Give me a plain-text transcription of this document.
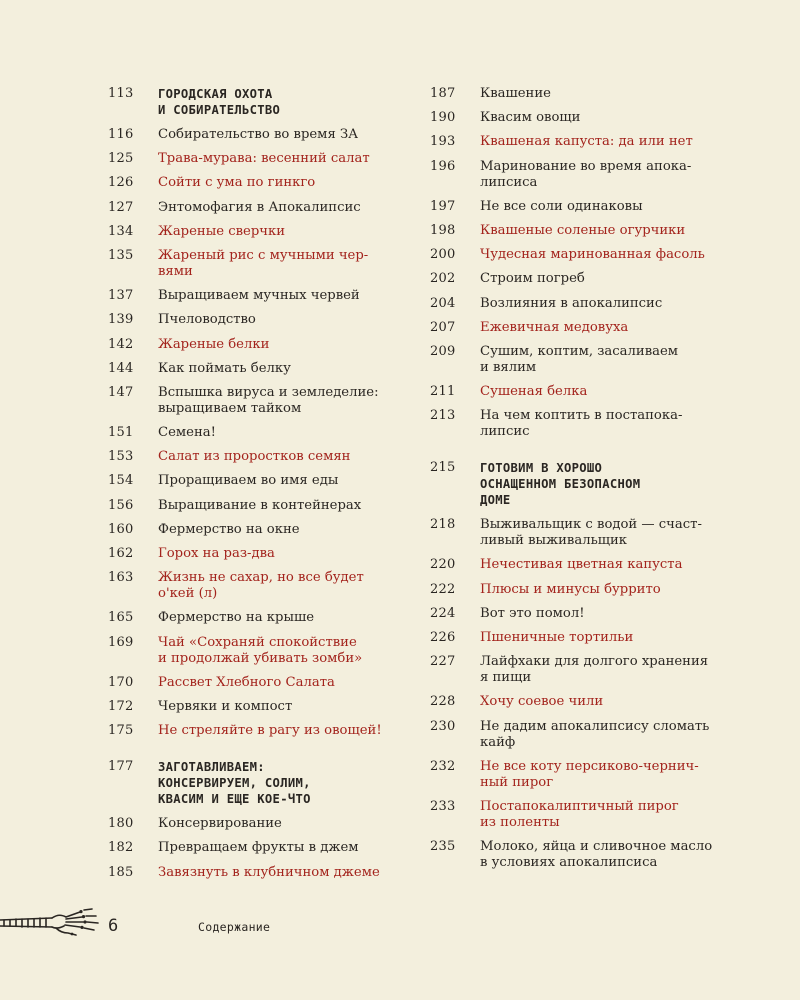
113	ГОРОДСКАЯ ОХОТА
И СОБИРАТЕЛЬСТВО
116	Собирательство во время ЗА
125	Трава-мурава: весенний салат
126	Сойти с ума по гинкго
127	Энтомофагия в Апокалипсис
134	Жареные сверчки
135	Жареный рис с мучными чер-
вями
137	Выращиваем мучных червей
139	Пчеловодство
142	Жареные белки
144	Как поймать белку
147	Вспышка вируса и земледелие:
выращиваем тайком
151	Семена!
153	Салат из проростков семян
154	Проращиваем во имя еды
156	Выращивание в контейнерах
160	Фермерство на окне
162	Горох на раз-два
163	Жизнь не сахар, но все будет
о'кей (л)
165	Фермерство на крыше
169	Чай «Сохраняй спокойствие
и продолжай убивать зомби»
170	Рассвет Хлебного Салата
172	Червяки и компост
175	Не стреляйте в рагу из овощей!
177	ЗАГОТАВЛИВАЕМ:
КОНСЕРВИРУЕМ, СОЛИМ,
КВАСИМ И ЕЩЕ КОЕ-ЧТО
180	Консервирование
182	Превращаем фрукты в джем
185	Завязнуть в клубничном джеме
187	Квашение
190	Квасим овощи
193	Квашеная капуста: да или нет
196	Маринование во время апока-
липсиса
197	Не все соли одинаковы
198	Квашеные соленые огурчики
200	Чудесная маринованная фасоль
202	Строим погреб
204	Возлияния в апокалипсис
207	Ежевичная медовуха
209	Сушим, коптим, засаливаем
и вялим
211	Сушеная белка
213	На чем коптить в постапока-
липсис
215	ГОТОВИМ В ХОРОШО
ОСНАЩЕННОМ БЕЗОПАСНОМ
ДОМЕ
218	Выживальщик с водой — счаст-
ливый выживальщик
220	Нечестивая цветная капуста
222	Плюсы и минусы буррито
224	Вот это помол!
226	Пшеничные тортильи
227	Лайфхаки для долгого хранения
я пищи
228	Хочу соевое чили
230	Не дадим апокалипсису сломать
кайф
232	Не все коту персиково-чернич-
ный пирог
233	Постапокалиптичный пирог
из поленты
235	Молоко, яйца и сливочное масло
в условиях апокалипсиса
6	Содержание
